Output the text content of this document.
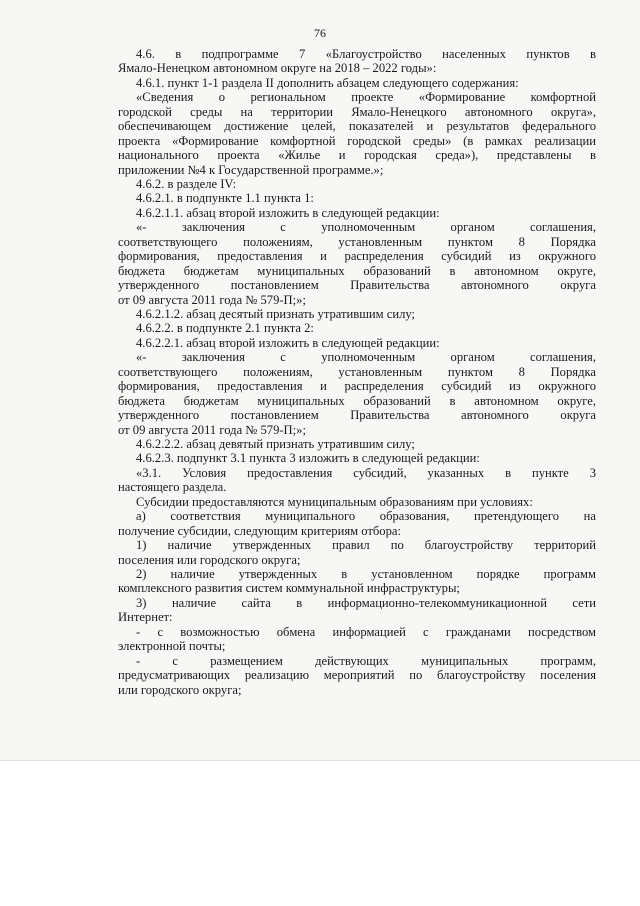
76

4.6. в подпрограмме 7 «Благоустройство населенных пунктов в

Ямало-Ненецком автономном округе на 2018 – 2022 годы»:

4.6.1. пункт 1-1 раздела II дополнить абзацем следующего содержания:

«Сведения о региональном проекте «Формирование комфортной

городской среды на территории Ямало-Ненецкого автономного округа»,

обеспечивающем достижение целей, показателей и результатов федерального

проекта «Формирование комфортной городской среды» (в рамках реализации

национального проекта «Жилье и городская среда»), представлены в

приложении №4 к Государственной программе.»;

4.6.2. в разделе IV:

4.6.2.1. в подпункте 1.1 пункта 1:

4.6.2.1.1. абзац второй изложить в следующей редакции:

«- заключения с уполномоченным органом соглашения,

соответствующего положениям, установленным пунктом 8 Порядка

формирования, предоставления и распределения субсидий из окружного

бюджета бюджетам муниципальных образований в автономном округе,

утвержденного постановлением Правительства автономного округа

от 09 августа 2011 года № 579-П;»;

4.6.2.1.2. абзац десятый признать утратившим силу;

4.6.2.2. в подпункте 2.1 пункта 2:

4.6.2.2.1. абзац второй изложить в следующей редакции:

«- заключения с уполномоченным органом соглашения,

соответствующего положениям, установленным пунктом 8 Порядка

формирования, предоставления и распределения субсидий из окружного

бюджета бюджетам муниципальных образований в автономном округе,

утвержденного постановлением Правительства автономного округа

от 09 августа 2011 года № 579-П;»;

4.6.2.2.2. абзац девятый признать утратившим силу;

4.6.2.3. подпункт 3.1 пункта 3 изложить в следующей редакции:

«3.1. Условия предоставления субсидий, указанных в пункте 3

настоящего раздела.

Субсидии предоставляются муниципальным образованиям при условиях:

а) соответствия муниципального образования, претендующего на

получение субсидии, следующим критериям отбора:

1) наличие утвержденных правил по благоустройству территорий

поселения или городского округа;

2) наличие утвержденных в установленном порядке программ

комплексного развития систем коммунальной инфраструктуры;

3) наличие сайта в информационно-телекоммуникационной сети

Интернет:

- с возможностью обмена информацией с гражданами посредством

электронной почты;

- с размещением действующих муниципальных программ,

предусматривающих реализацию мероприятий по благоустройству поселения

или городского округа;
